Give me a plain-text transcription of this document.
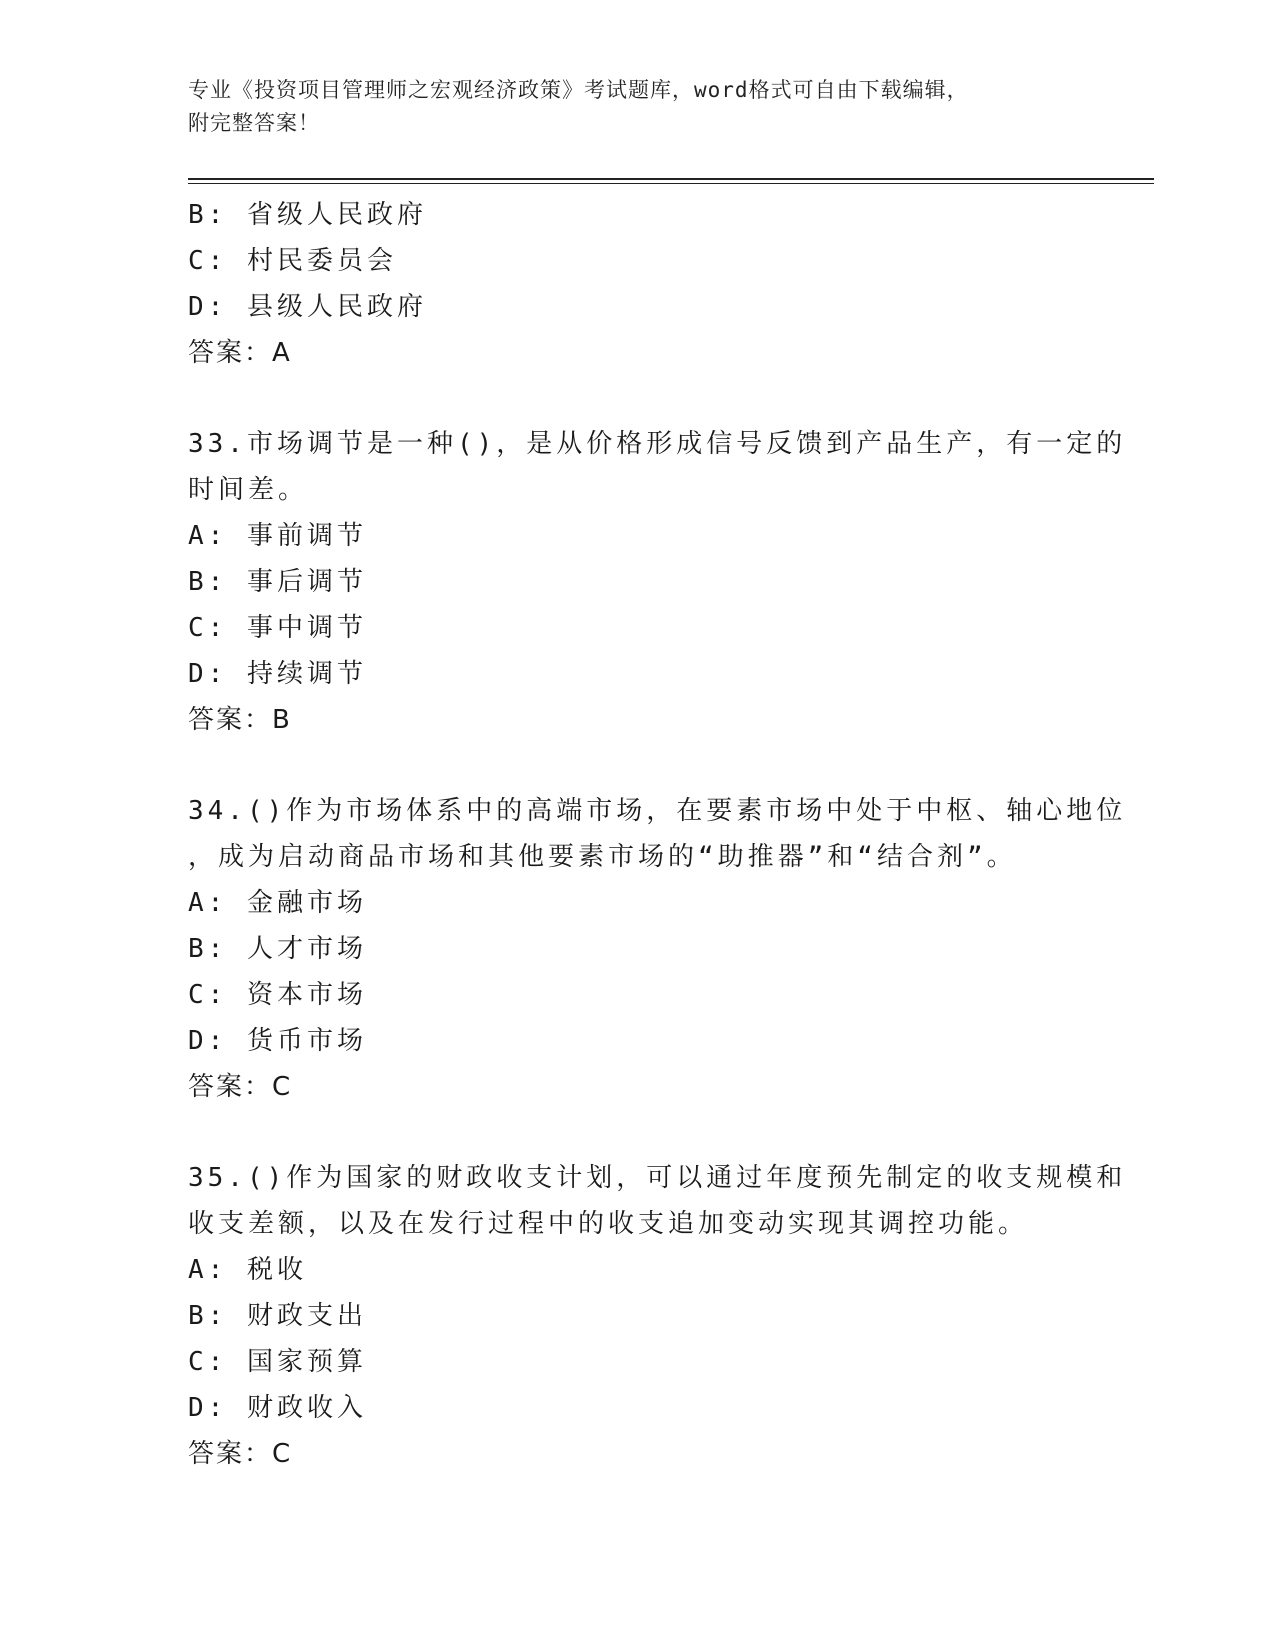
专业《投资项目管理师之宏观经济政策》考试题库，word格式可自由下载编辑，
附完整答案！
B: 省级人民政府
C: 村民委员会
D: 县级人民政府
答案：A
33.市场调节是一种()，是从价格形成信号反馈到产品生产，有一定的
时间差。
A: 事前调节
B: 事后调节
C: 事中调节
D: 持续调节
答案：B
34.()作为市场体系中的高端市场，在要素市场中处于中枢、轴心地位
，成为启动商品市场和其他要素市场的“助推器”和“结合剂”。
A: 金融市场
B: 人才市场
C: 资本市场
D: 货币市场
答案：C
35.()作为国家的财政收支计划，可以通过年度预先制定的收支规模和
收支差额，以及在发行过程中的收支追加变动实现其调控功能。
A: 税收
B: 财政支出
C: 国家预算
D: 财政收入
答案：C
